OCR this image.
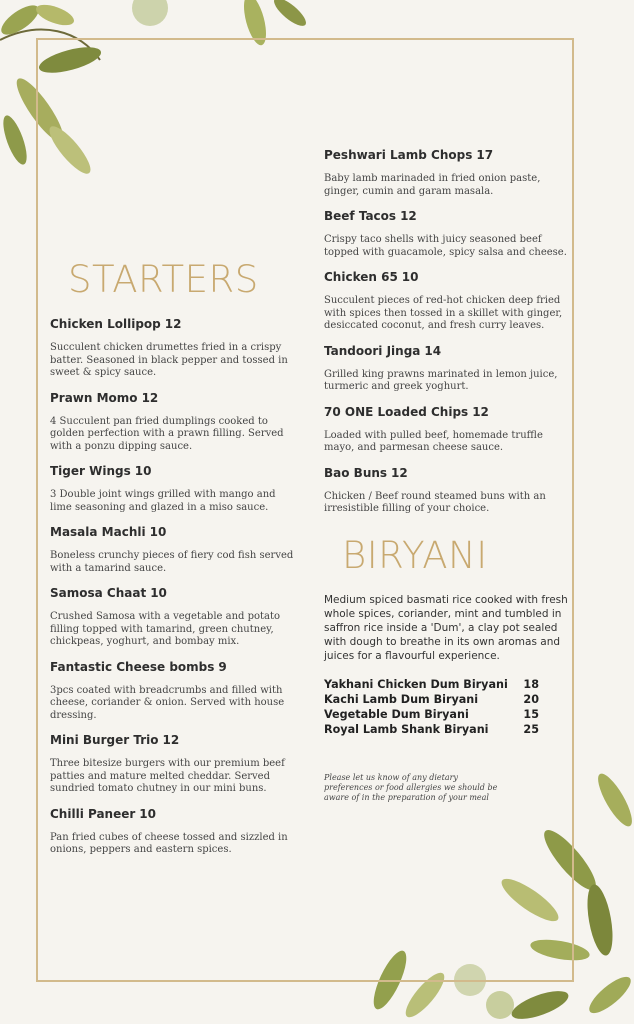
STARTERS
Chicken Lollipop 12
Succulent chicken drumettes fried in a crispy batter. Seasoned in black pepper and tossed in sweet & spicy sauce.
Prawn Momo 12
4 Succulent pan fried dumplings cooked to golden perfection with a prawn filling. Served with a ponzu dipping sauce.
Tiger Wings 10
3 Double joint wings grilled with mango and lime seasoning and glazed in a miso sauce.
Masala Machli 10
Boneless crunchy pieces of fiery cod fish served with a tamarind sauce.
Samosa Chaat 10
Crushed Samosa with a vegetable and potato filling topped with tamarind, green chutney, chickpeas, yoghurt, and bombay mix.
Fantastic Cheese bombs 9
3pcs coated with breadcrumbs and filled with cheese, coriander & onion. Served with house dressing.
Mini Burger Trio 12
Three bitesize burgers with our premium beef patties and mature melted cheddar. Served sundried tomato chutney in our mini buns.
Chilli Paneer 10
Pan fried cubes of cheese tossed and sizzled in onions, peppers and eastern spices.
Peshwari Lamb Chops 17
Baby lamb marinaded in fried onion paste, ginger, cumin and garam masala.
Beef Tacos 12
Crispy taco shells with juicy seasoned beef topped with guacamole, spicy salsa and cheese.
Chicken 65 10
Succulent pieces of red-hot chicken deep fried with spices then tossed in a skillet with ginger, desiccated coconut, and fresh curry leaves.
Tandoori Jinga 14
Grilled king prawns marinated in lemon juice, turmeric and greek yoghurt.
70 ONE Loaded Chips 12
Loaded with pulled beef, homemade truffle mayo, and parmesan cheese sauce.
Bao Buns 12
Chicken / Beef round steamed buns with an irresistible filling of your choice.
BIRYANI
Medium spiced basmati rice cooked with fresh whole spices, coriander, mint and tumbled in saffron rice inside a 'Dum', a clay pot sealed with dough to breathe in its own aromas and juices for a flavourful experience.
Yakhani Chicken Dum Biryani 18
Kachi Lamb Dum Biryani	20
Vegetable Dum Biryani	15
Royal Lamb Shank Biryani	25
Please let us know of any dietary preferences or food allergies we should be aware of in the preparation of your meal
